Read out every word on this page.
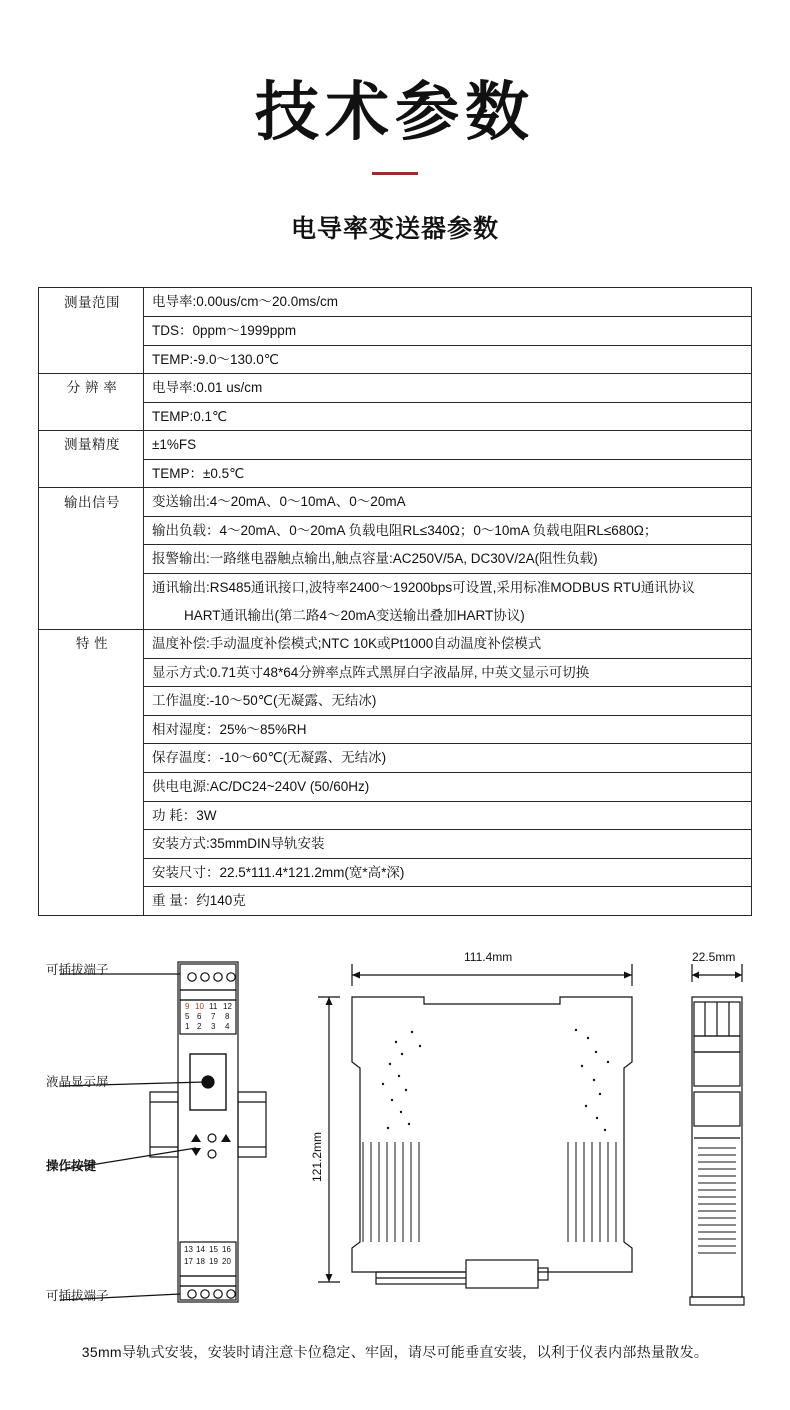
技术参数
电导率变送器参数
测量范围	电导率:0.00us/cm～20.0ms/cm
	TDS：0ppm～1999ppm
	TEMP:-9.0～130.0℃
分 辨 率	电导率:0.01 us/cm
	TEMP:0.1℃
测量精度	±1%FS
	TEMP：±0.5℃
输出信号	变送输出:4～20mA、0～10mA、0～20mA
	输出负载：4～20mA、0～20mA 负载电阻RL≤340Ω；0～10mA 负载电阻RL≤680Ω；
	报警输出:一路继电器触点输出,触点容量:AC250V/5A, DC30V/2A(阻性负载)
	通讯输出:RS485通讯接口,波特率2400～19200bps可设置,采用标准MODBUS RTU通讯协议
	HART通讯输出(第二路4～20mA变送输出叠加HART协议)
特 性	温度补偿:手动温度补偿模式;NTC 10K或Pt1000自动温度补偿模式
	显示方式:0.71英寸48*64分辨率点阵式黑屏白字液晶屏, 中英文显示可切换
	工作温度:-10～50℃(无凝露、无结冰)
	相对湿度：25%～85%RH
	保存温度：-10～60℃(无凝露、无结冰)
	供电电源:AC/DC24~240V (50/60Hz)
	功 耗：3W
	安装方式:35mmDIN导轨安装
	安装尺寸：22.5*111.4*121.2mm(宽*高*深)
	重 量：约140克
9 10 11 12
5 6 7 8
1 2 3 4
13 14 15 16
17 18 19 20
可插拔端子
液晶显示屏
操作按键
可插拔端子
111.4mm
121.2mm
22.5mm
35mm导轨式安装，安装时请注意卡位稳定、牢固，请尽可能垂直安装，以利于仪表内部热量散发。
